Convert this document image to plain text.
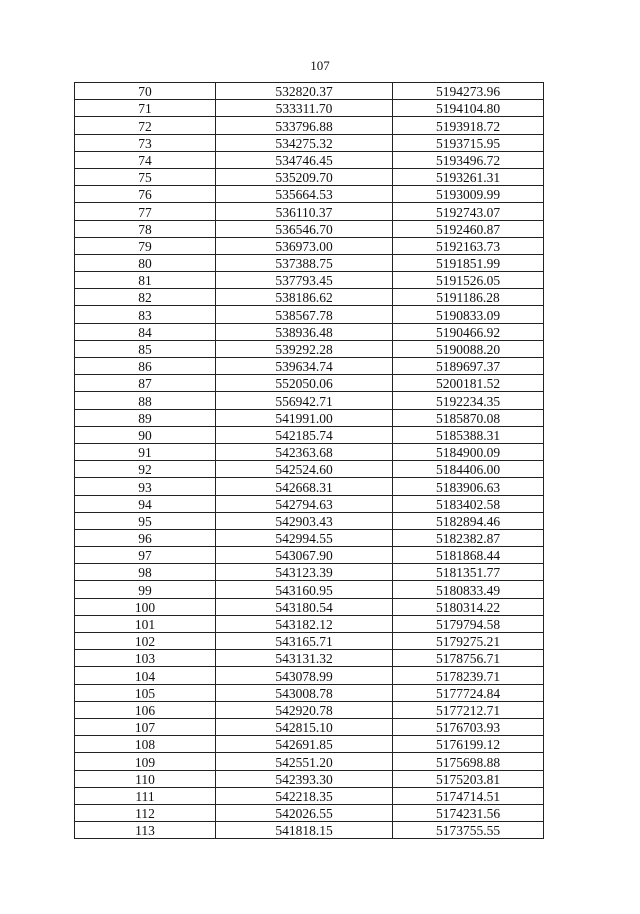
107
70	532820.37	5194273.96
71	533311.70	5194104.80
72	533796.88	5193918.72
73	534275.32	5193715.95
74	534746.45	5193496.72
75	535209.70	5193261.31
76	535664.53	5193009.99
77	536110.37	5192743.07
78	536546.70	5192460.87
79	536973.00	5192163.73
80	537388.75	5191851.99
81	537793.45	5191526.05
82	538186.62	5191186.28
83	538567.78	5190833.09
84	538936.48	5190466.92
85	539292.28	5190088.20
86	539634.74	5189697.37
87	552050.06	5200181.52
88	556942.71	5192234.35
89	541991.00	5185870.08
90	542185.74	5185388.31
91	542363.68	5184900.09
92	542524.60	5184406.00
93	542668.31	5183906.63
94	542794.63	5183402.58
95	542903.43	5182894.46
96	542994.55	5182382.87
97	543067.90	5181868.44
98	543123.39	5181351.77
99	543160.95	5180833.49
100	543180.54	5180314.22
101	543182.12	5179794.58
102	543165.71	5179275.21
103	543131.32	5178756.71
104	543078.99	5178239.71
105	543008.78	5177724.84
106	542920.78	5177212.71
107	542815.10	5176703.93
108	542691.85	5176199.12
109	542551.20	5175698.88
110	542393.30	5175203.81
111	542218.35	5174714.51
112	542026.55	5174231.56
113	541818.15	5173755.55
